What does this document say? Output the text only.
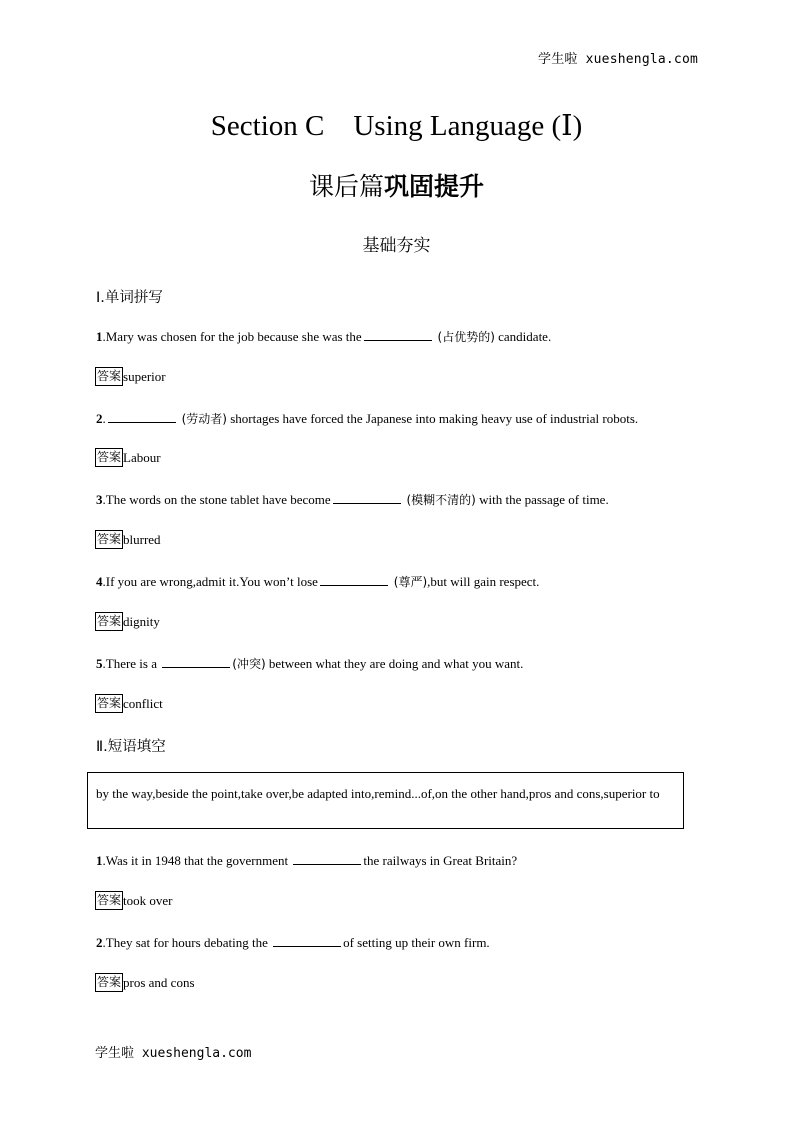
学生啦 xueshengla.com
Section C　Using Language (Ⅰ)
课后篇巩固提升
基础夯实
Ⅰ.单词拼写
1.Mary was chosen for the job because she was the	(占优势的) candidate.
答案 superior
2.	(劳动者) shortages have forced the Japanese into making heavy use of industrial robots.
答案 Labour
3.The words on the stone tablet have become	(模糊不清的) with the passage of time.
答案 blurred
4.If you are wrong,admit it.You won’t lose	(尊严),but will gain respect.
答案 dignity
5.There is a	(冲突) between what they are doing and what you want.
答案 conflict
Ⅱ.短语填空
by the way,beside the point,take over,be adapted into,remind...of,on the other hand,pros and cons,superior to
1.Was it in 1948 that the government	the railways in Great Britain?
答案 took over
2.They sat for hours debating the	of setting up their own firm.
答案 pros and cons
学生啦 xueshengla.com
